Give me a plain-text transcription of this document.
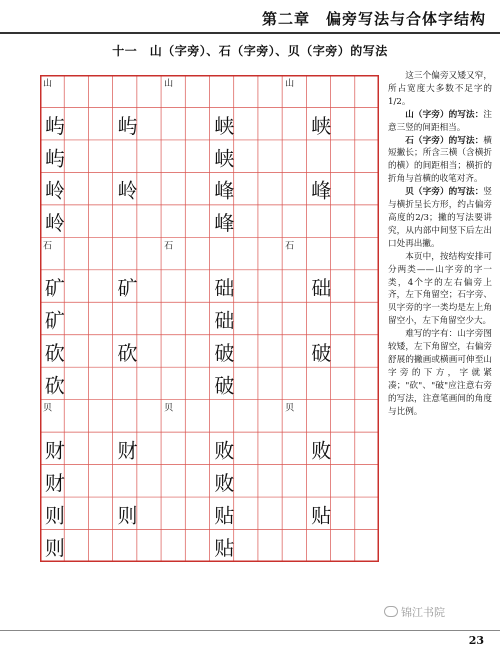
第二章　偏旁写法与合体字结构
十一　山（字旁）、石（字旁）、贝（字旁）的写法
山	山	山
屿	屿	峡	峡
屿	峡
岭	岭	峰	峰
岭	峰
石	石	石
矿	矿	础	础
矿	础
砍	砍	破	破
砍	破
贝	贝	贝
财	财	败	败
财	败
则	则	贴	贴
则	贴

这三个偏旁又矮又窄，所占宽度大多数不足字的1/2。

山（字旁）的写法：注意三竖的间距相当。

石（字旁）的写法：横短撇长；所含三横（含横折的横）的间距相当；横折的折角与首横的收笔对齐。

贝（字旁）的写法：竖与横折呈长方形，约占偏旁高度的2/3；撇的写法要讲究，从内部中间竖下后左出口处再出撇。

本页中，按结构安排可分两类——山字旁的字一类，4个字的左右偏旁上齐，左下角留空；石字旁、贝字旁的字一类均是左上角留空小，左下角留空少大。

难写的字有：山字旁图较矮，左下角留空，右偏旁舒展的撇画或横画可伸至山字旁的下方，字就紧凑；"砍"、"破"应注意右旁的写法，注意笔画间的角度与比例。

锦江书院
23
